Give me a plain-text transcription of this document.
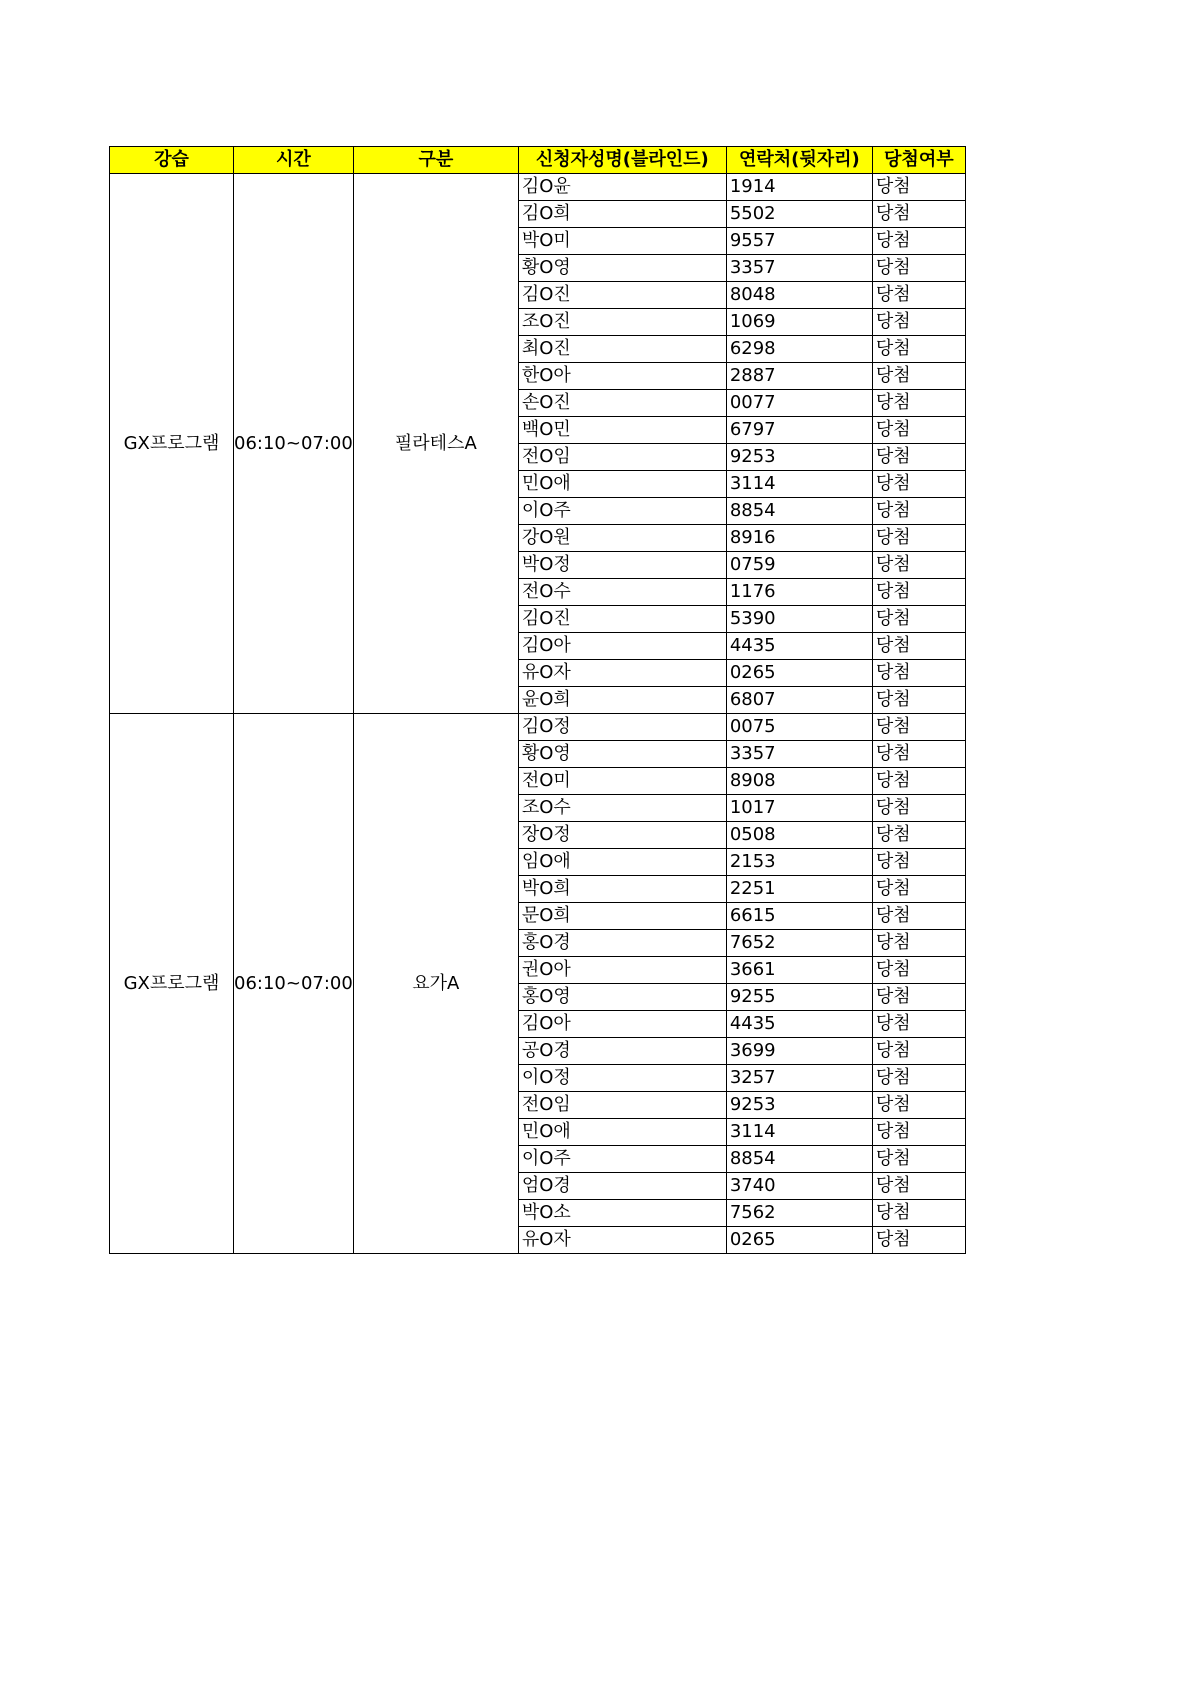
강습	시간	구분	신청자성명(블라인드)	연락처(뒷자리)	당첨여부
GX프로그램	06:10~07:00	필라테스A	김O윤	1914	당첨
			김O희	5502	당첨
			박O미	9557	당첨
			황O영	3357	당첨
			김O진	8048	당첨
			조O진	1069	당첨
			최O진	6298	당첨
			한O아	2887	당첨
			손O진	0077	당첨
			백O민	6797	당첨
			전O임	9253	당첨
			민O애	3114	당첨
			이O주	8854	당첨
			강O원	8916	당첨
			박O정	0759	당첨
			전O수	1176	당첨
			김O진	5390	당첨
			김O아	4435	당첨
			유O자	0265	당첨
			윤O희	6807	당첨
GX프로그램	06:10~07:00	요가A	김O정	0075	당첨
			황O영	3357	당첨
			전O미	8908	당첨
			조O수	1017	당첨
			장O정	0508	당첨
			임O애	2153	당첨
			박O희	2251	당첨
			문O희	6615	당첨
			홍O경	7652	당첨
			권O아	3661	당첨
			홍O영	9255	당첨
			김O아	4435	당첨
			공O경	3699	당첨
			이O정	3257	당첨
			전O임	9253	당첨
			민O애	3114	당첨
			이O주	8854	당첨
			엄O경	3740	당첨
			박O소	7562	당첨
			유O자	0265	당첨
